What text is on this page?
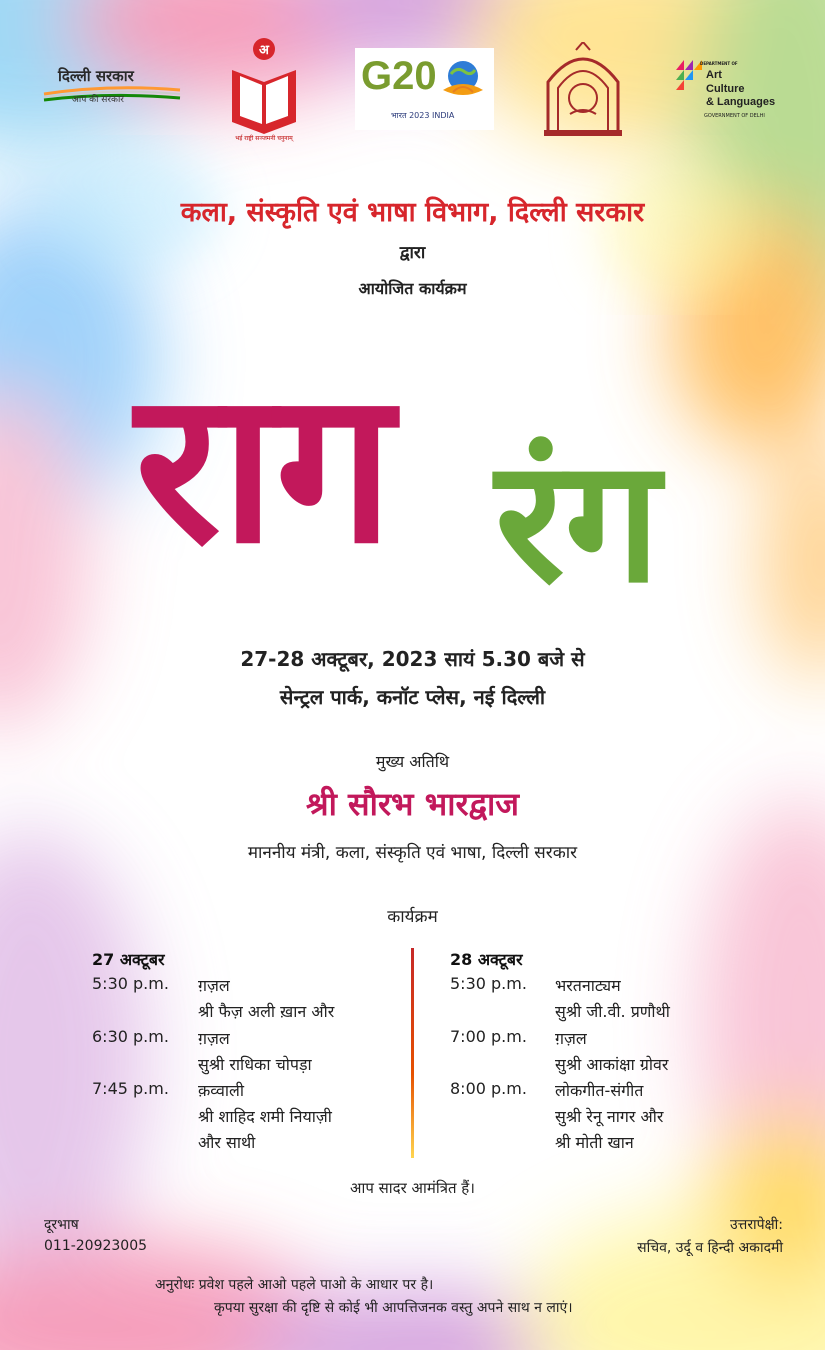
दिल्ली सरकार
आप की सरकार
अ
भई राष्ट्री सञ्जमनी चनुनाम्
G20
भारत 2023 INDIA
DEPARTMENT OF
Art
Culture
& Languages
GOVERNMENT OF DELHI
कला, संस्कृति एवं भाषा विभाग, दिल्ली सरकार
द्वारा
आयोजित कार्यक्रम
राग रंग
27-28 अक्टूबर, 2023 सायं 5.30 बजे से
सेन्ट्रल पार्क, कनॉट प्लेस, नई दिल्ली
मुख्य अतिथि
श्री सौरभ भारद्वाज
माननीय मंत्री, कला, संस्कृति एवं भाषा, दिल्ली सरकार
कार्यक्रम
27 अक्टूबर
5:30 p.m. ग़ज़ल
श्री फैज़ अली ख़ान और
6:30 p.m. ग़ज़ल
सुश्री राधिका चोपड़ा
7:45 p.m. क़व्वाली
श्री शाहिद शमी नियाज़ी
और साथी
28 अक्टूबर
5:30 p.m. भरतनाट्यम
सुश्री जी.वी. प्रणौथी
7:00 p.m. ग़ज़ल
सुश्री आकांक्षा ग्रोवर
8:00 p.m. लोकगीत-संगीत
सुश्री रेनू नागर और
श्री मोती खान
आप सादर आमंत्रित हैं।
दूरभाष
011-20923005
उत्तरापेक्षी:
सचिव, उर्दू व हिन्दी अकादमी
अनुरोधः प्रवेश पहले आओ पहले पाओ के आधार पर है।
कृपया सुरक्षा की दृष्टि से कोई भी आपत्तिजनक वस्तु अपने साथ न लाएं।
